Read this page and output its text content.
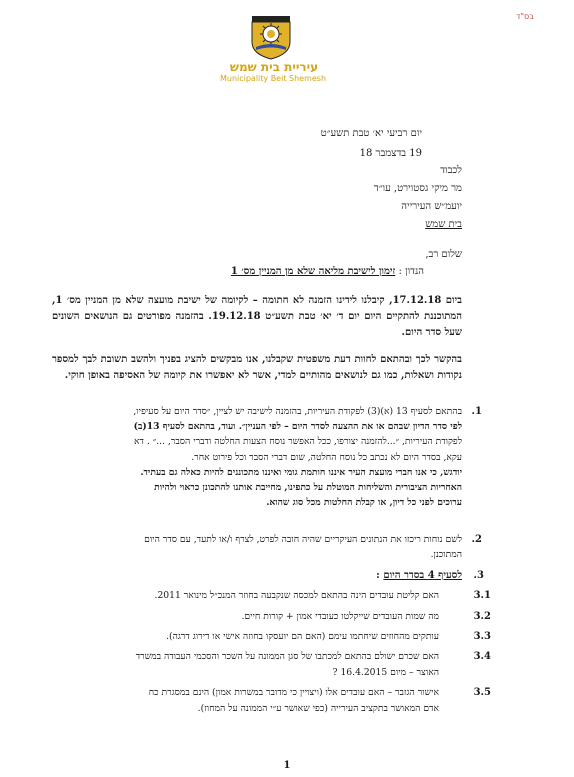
בס"ד
עיריית בית שמש
Municipality Beit Shemesh
יום רביעי יא׳ טבת תשע״ט
19 בדצמבר 18
לכבוד
מר מיקי גסטוירט, עו״ד
יועמ״ש העירייה
בית שמש
שלום רב,
הנדון : זימון לישיבת מליאה שלא מן המניין מס׳ 1
ביום 17.12.18, קיבלנו לידינו הזמנה לא חתומה – לקיומה של ישיבת מועצה שלא מן המניין מס׳ 1, המתוכננת להתקיים היום יום ד׳ יא׳ טבת תשע״ט 19.12.18. בהזמנה מפורטים גם הנושאים השונים שעל סדר היום.
בהקשר לכך ובהתאם לחוות דעת משפטית שקבלנו, אנו מבקשים להציג בפניך ולהשב תשובת לבך למספר נקודות ושאלות, כמו גם לנושאים מהותיים למדי, אשר לא יאפשרו את קיומה של האסיפה באופן חוקי.
1.
בהתאם לסעיף 13 (א)(3) לפקודת העיריות, בהזמנה לישיבה יש לציין, ״סדר היום על סעיפיו,
לפי סדר הדיון שבהם או את ההצעה לסדר היום – לפי העניין״. ועוד, בהתאם לסעיף 13(ב)
לפקודת העיריות, ״...להזמנה יצורפו, ככל האפשר נוסח הצעות החלטה ודברי הסבר, ...״ . דא
עקא, בסדר היום לא נכתב כל נוסח החלטה, שום דברי הסבר וכל פירוט אחר.
יודגש, כי אנו חברי מועצת העיר איננו חותמת גומי ואיננו מתכוננים להיות כאלה גם בעתיד.
האחריות הציבורית והשליחות המוטלת על כתפינו, מחייבת אותנו להתכונן כראוי ולהיות
ערוכים לפני כל דיון, או קבלת החלטות מכל סוג שהוא.
2.
לשם נוחות ריכזו את הנתונים העיקריים שהיה חובה לפרט, לצרף ו/או לתעד, עם סדר היום
המתוכנן.
3.
לסעיף 4 בסדר היום :
3.1
האם קליטת עובדים הינה בהתאם למכסה שנקבעה בחוזר המנכ״ל מינואר 2011.
3.2
מה שמות העובדים שייקלטו כעובדי אמון + קורות חיים.
3.3
עותקים מהחוזים שיחתמו עימם (האם הם יועסקו בחוזה אישי או דירוג דרגה).
3.4
האם שכרם ישולם בהתאם למכתבו של סגן הממונה על השכר והסכמי העבודה במשרד
האוצר – מיום 16.4.2015 ?
3.5
אישור הגזבר – האם עובדים אלו (ויצויין כי מדובר במשרות אמון) הינם במסגרת כח
אדם המאושר בתקציב העירייה (כפי שאושר ע״י הממונה על המחוז).
1
